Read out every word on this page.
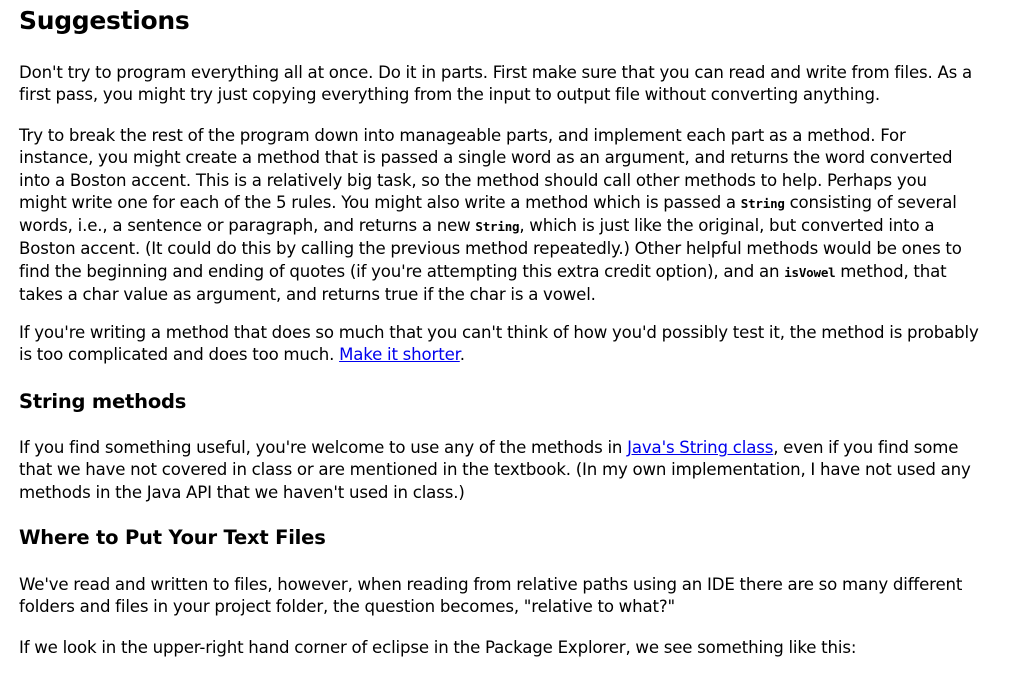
Suggestions

Don't try to program everything all at once. Do it in parts. First make sure that you can read and write from files. As a first pass, you might try just copying everything from the input to output file without converting anything.

Try to break the rest of the program down into manageable parts, and implement each part as a method. For instance, you might create a method that is passed a single word as an argument, and returns the word converted into a Boston accent. This is a relatively big task, so the method should call other methods to help. Perhaps you might write one for each of the 5 rules. You might also write a method which is passed a String consisting of several words, i.e., a sentence or paragraph, and returns a new String, which is just like the original, but converted into a Boston accent. (It could do this by calling the previous method repeatedly.) Other helpful methods would be ones to find the beginning and ending of quotes (if you're attempting this extra credit option), and an isVowel method, that takes a char value as argument, and returns true if the char is a vowel.

If you're writing a method that does so much that you can't think of how you'd possibly test it, the method is probably is too complicated and does too much. Make it shorter.

String methods

If you find something useful, you're welcome to use any of the methods in Java's String class, even if you find some that we have not covered in class or are mentioned in the textbook. (In my own implementation, I have not used any methods in the Java API that we haven't used in class.)

Where to Put Your Text Files

We've read and written to files, however, when reading from relative paths using an IDE there are so many different folders and files in your project folder, the question becomes, "relative to what?"

If we look in the upper-right hand corner of eclipse in the Package Explorer, we see something like this:
